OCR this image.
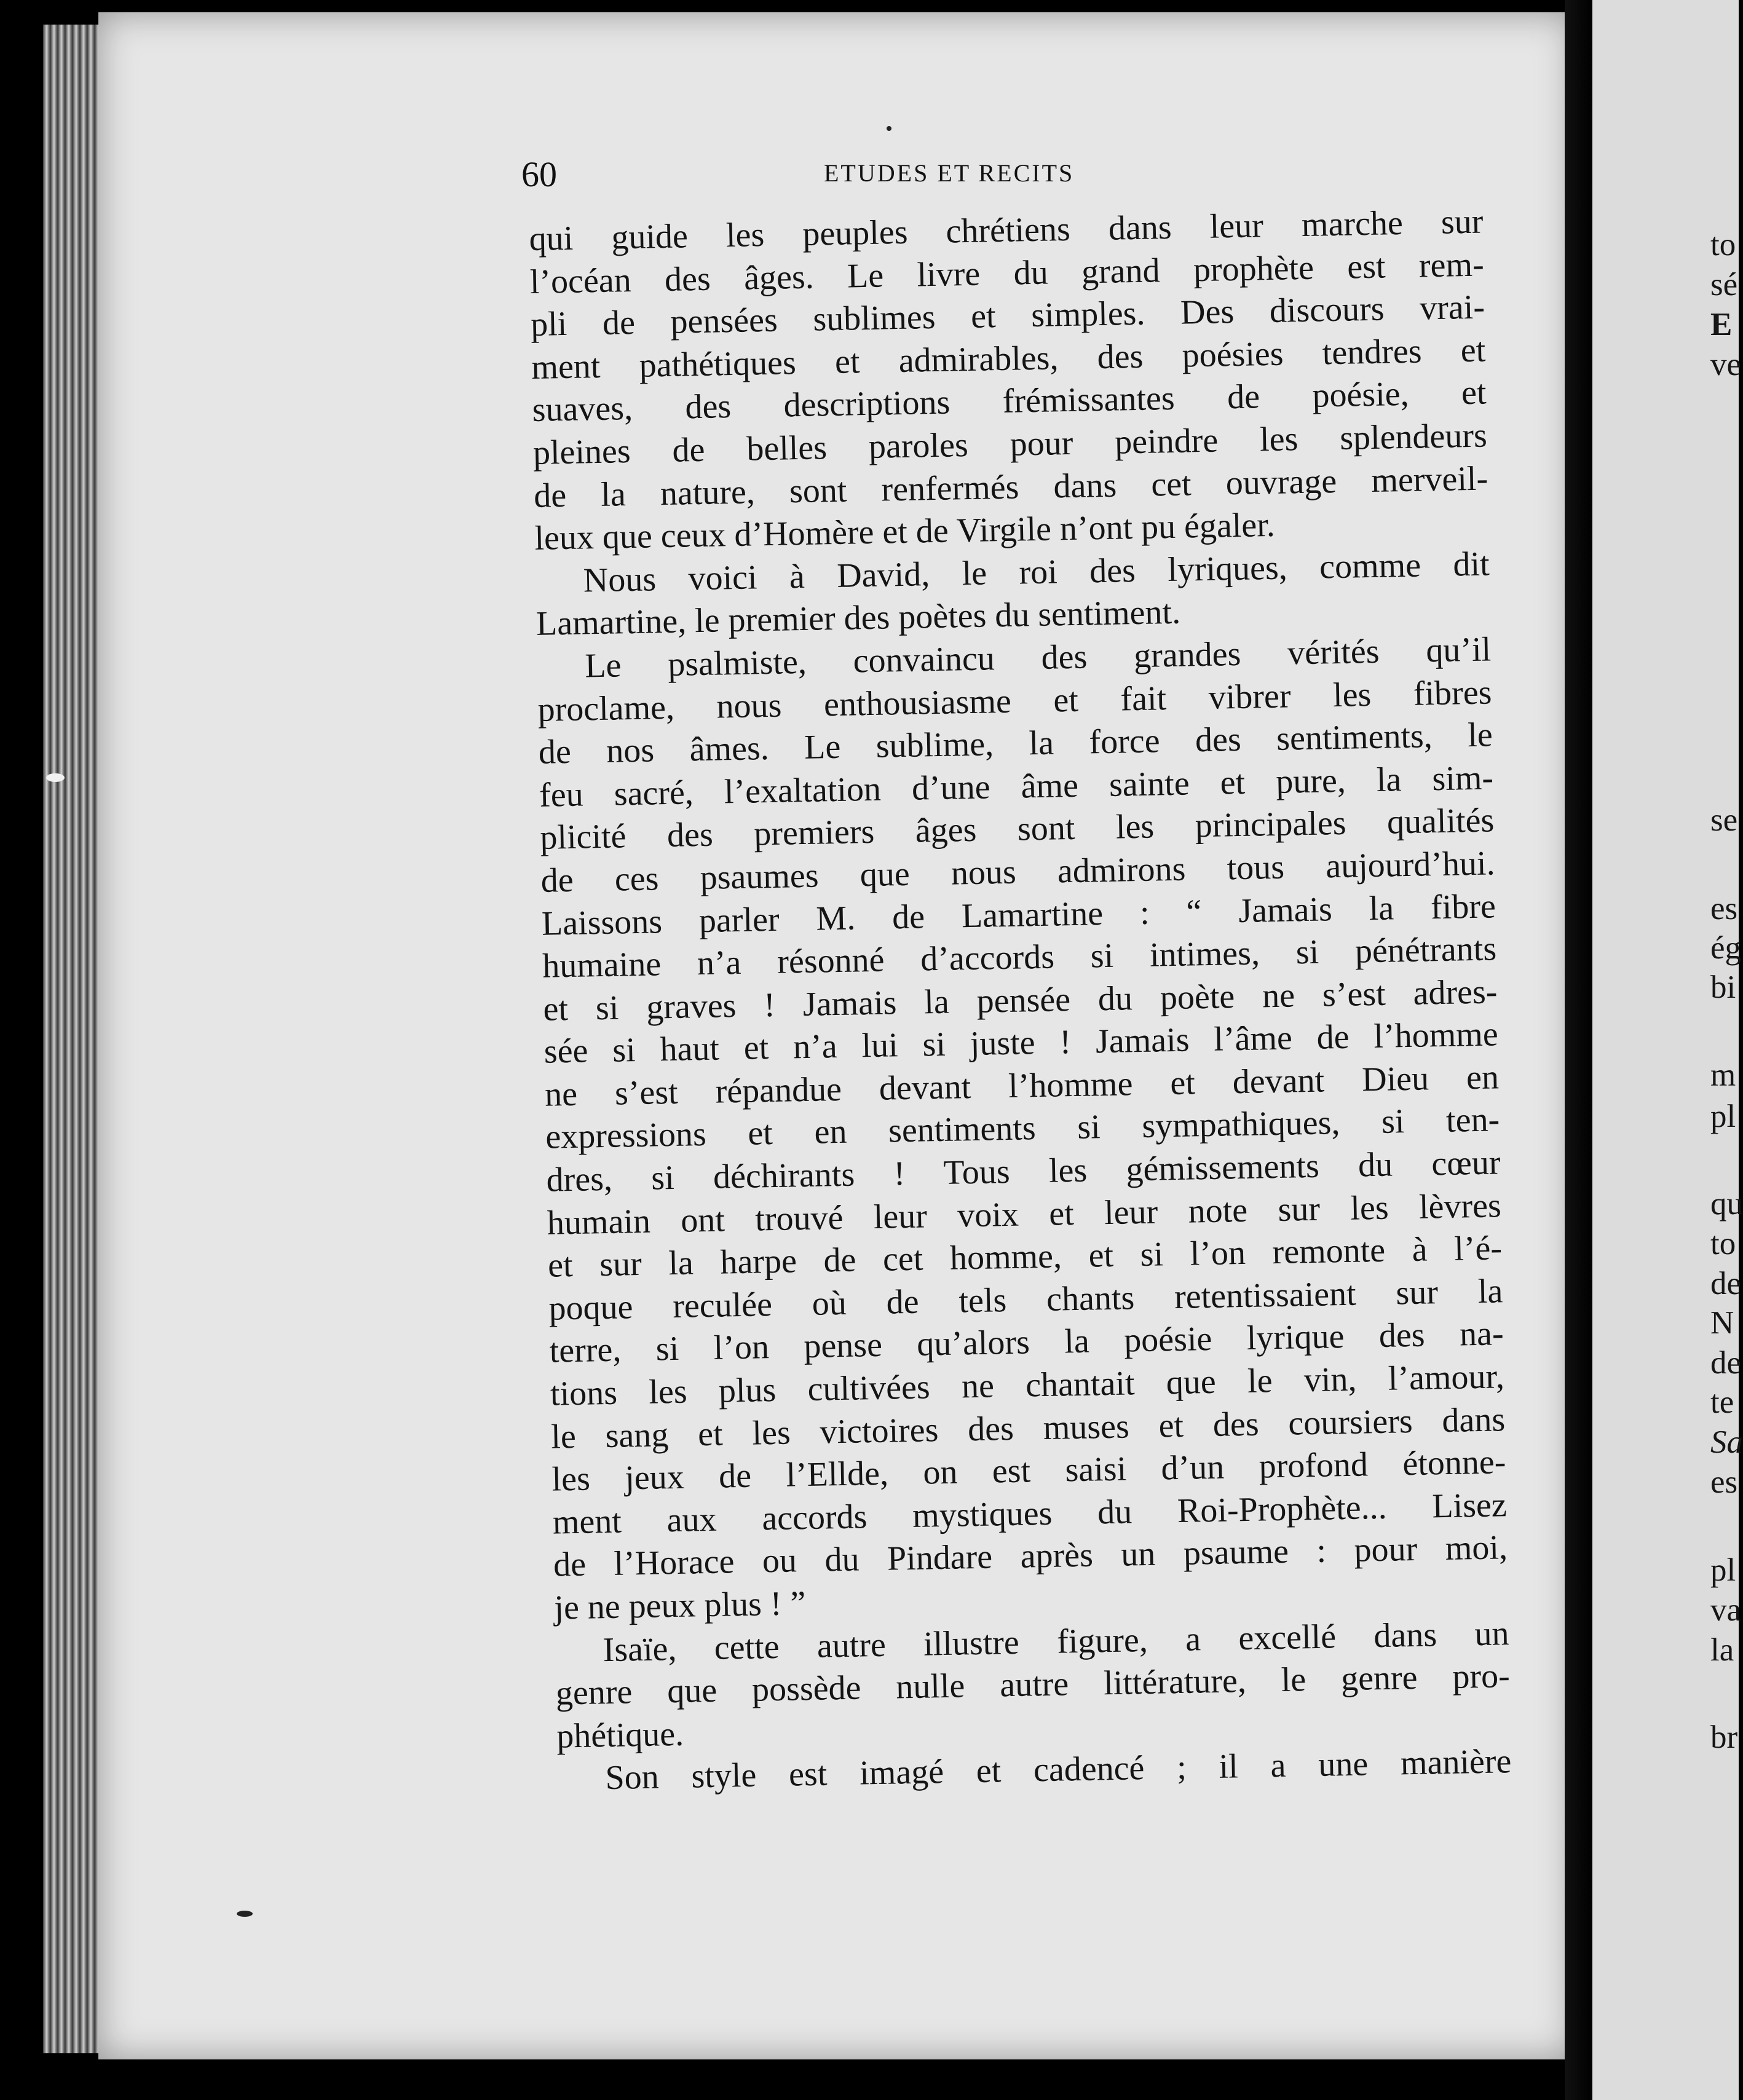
to
sé
E
ve
se
es
ég
bi
m
pl
qu
to
de
N
de
te
Sa
es
pl
va
la
br
60	ETUDES ET RECITS
qui guide les peuples chrétiens dans leur marche sur
l’océan des âges. Le livre du grand prophète est rem-
pli de pensées sublimes et simples. Des discours vrai-
ment pathétiques et admirables, des poésies tendres et
suaves, des descriptions frémissantes de poésie, et
pleines de belles paroles pour peindre les splendeurs
de la nature, sont renfermés dans cet ouvrage merveil-
leux que ceux d’Homère et de Virgile n’ont pu égaler.
Nous voici à David, le roi des lyriques, comme dit
Lamartine, le premier des poètes du sentiment.
Le psalmiste, convaincu des grandes vérités qu’il
proclame, nous enthousiasme et fait vibrer les fibres
de nos âmes. Le sublime, la force des sentiments, le
feu sacré, l’exaltation d’une âme sainte et pure, la sim-
plicité des premiers âges sont les principales qualités
de ces psaumes que nous admirons tous aujourd’hui.
Laissons parler M. de Lamartine : “ Jamais la fibre
humaine n’a résonné d’accords si intimes, si pénétrants
et si graves ! Jamais la pensée du poète ne s’est adres-
sée si haut et n’a lui si juste ! Jamais l’âme de l’homme
ne s’est répandue devant l’homme et devant Dieu en
expressions et en sentiments si sympathiques, si ten-
dres, si déchirants ! Tous les gémissements du cœur
humain ont trouvé leur voix et leur note sur les lèvres
et sur la harpe de cet homme, et si l’on remonte à l’é-
poque reculée où de tels chants retentissaient sur la
terre, si l’on pense qu’alors la poésie lyrique des na-
tions les plus cultivées ne chantait que le vin, l’amour,
le sang et les victoires des muses et des coursiers dans
les jeux de l’Ellde, on est saisi d’un profond étonne-
ment aux accords mystiques du Roi-Prophète... Lisez
de l’Horace ou du Pindare après un psaume : pour moi,
je ne peux plus ! ”
Isaïe, cette autre illustre figure, a excellé dans un
genre que possède nulle autre littérature, le genre pro-
phétique.
Son style est imagé et cadencé ; il a une manière
